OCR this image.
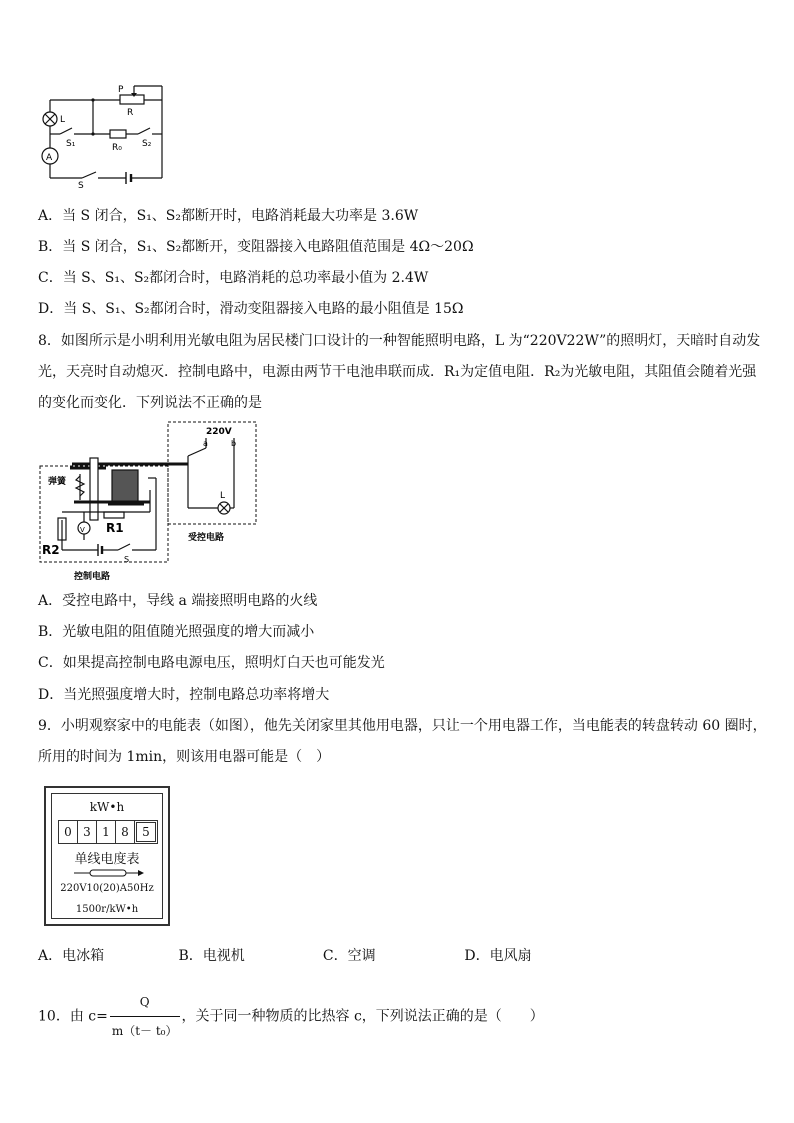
P
R
L
A
S₁	R₀ S₂
S
A．当 S 闭合，S₁、S₂都断开时，电路消耗最大功率是 3.6W
B．当 S 闭合，S₁、S₂都断开，变阻器接入电路阻值范围是 4Ω～20Ω
C．当 S、S₁、S₂都闭合时，电路消耗的总功率最小值为 2.4W
D．当 S、S₁、S₂都闭合时，滑动变阻器接入电路的最小阻值是 15Ω
8．如图所示是小明利用光敏电阻为居民楼门口设计的一种智能照明电路，L 为“220V22W”的照明灯，天暗时自动发
光，天亮时自动熄灭．控制电路中，电源由两节干电池串联而成．R₁为定值电阻．R₂为光敏电阻，其阻值会随着光强
的变化而变化．下列说法不正确的是
220V
a	b
L
弹簧
V R1
R2
S
受控电路
控制电路
A．受控电路中，导线 a 端接照明电路的火线
B．光敏电阻的阻值随光照强度的增大而减小
C．如果提高控制电路电源电压，照明灯白天也可能发光
D．当光照强度增大时，控制电路总功率将增大
9．小明观察家中的电能表（如图），他先关闭家里其他用电器，只让一个用电器工作，当电能表的转盘转动 60 圈时，
所用的时间为 1min，则该用电器可能是（　）
kW•h
0 3 1 8	5
单线电度表
220V10(20)A50Hz
1500r/kW•h
A．电冰箱	B．电视机	C．空调	D．电风扇
10．由 $c= \frac{Q}{\text{m（t－ t₀）}}$ ，关于同一种物质的比热容 c，下列说法正确的是（　　）
